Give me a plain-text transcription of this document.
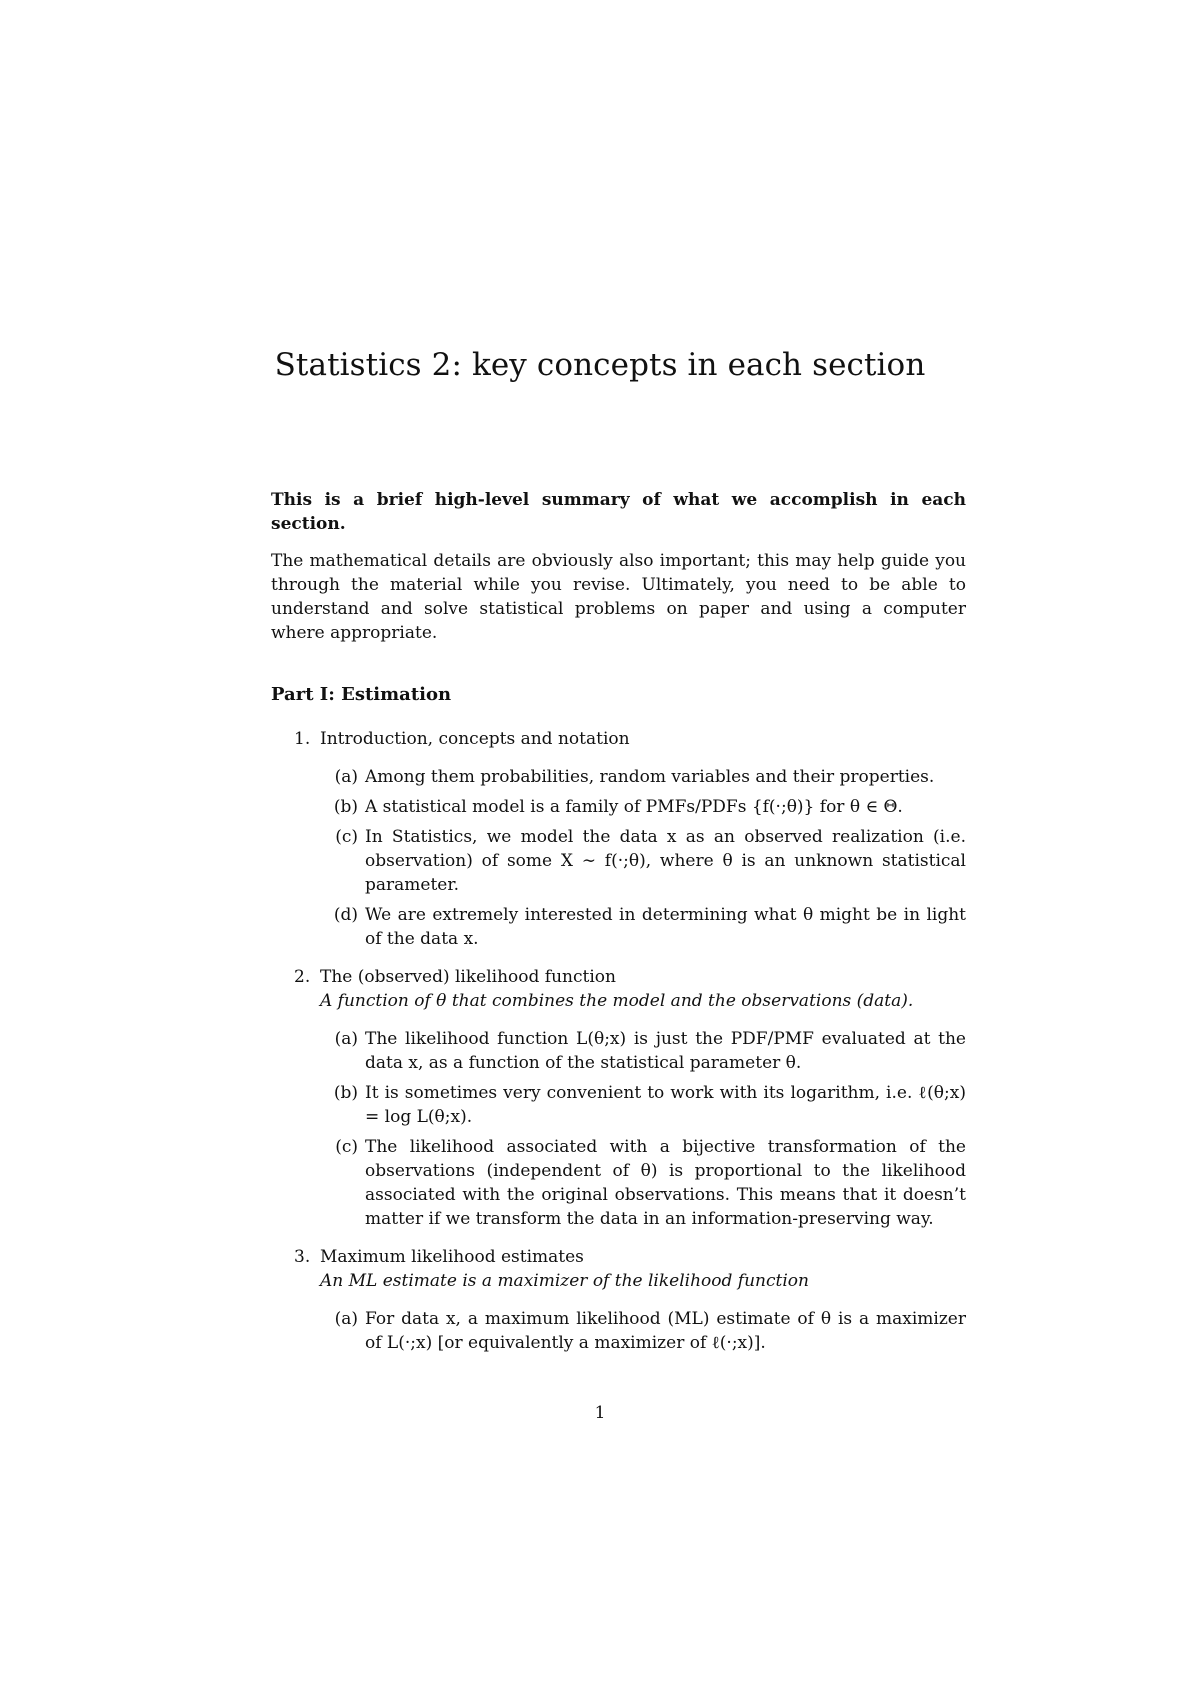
Statistics 2: key concepts in each section

This is a brief high-level summary of what we accomplish in each section.

The mathematical details are obviously also important; this may help guide you through the material while you revise. Ultimately, you need to be able to understand and solve statistical problems on paper and using a computer where appropriate.

Part I: Estimation
1. Introduction, concepts and notation
(a) Among them probabilities, random variables and their properties.
(b) A statistical model is a family of PMFs/PDFs {f(·;θ)} for θ ∈ Θ.
(c) In Statistics, we model the data x as an observed realization (i.e. observation) of some X ∼ f(·;θ), where θ is an unknown statistical parameter.
(d) We are extremely interested in determining what θ might be in light of the data x.
2. The (observed) likelihood function
A function of θ that combines the model and the observations (data).
(a) The likelihood function L(θ;x) is just the PDF/PMF evaluated at the data x, as a function of the statistical parameter θ.
(b) It is sometimes very convenient to work with its logarithm, i.e. ℓ(θ;x) = log L(θ;x).
(c) The likelihood associated with a bijective transformation of the observations (independent of θ) is proportional to the likelihood associated with the original observations. This means that it doesn’t matter if we transform the data in an information-preserving way.
3. Maximum likelihood estimates
An ML estimate is a maximizer of the likelihood function
(a) For data x, a maximum likelihood (ML) estimate of θ is a maximizer of L(·;x) [or equivalently a maximizer of ℓ(·;x)].
1
